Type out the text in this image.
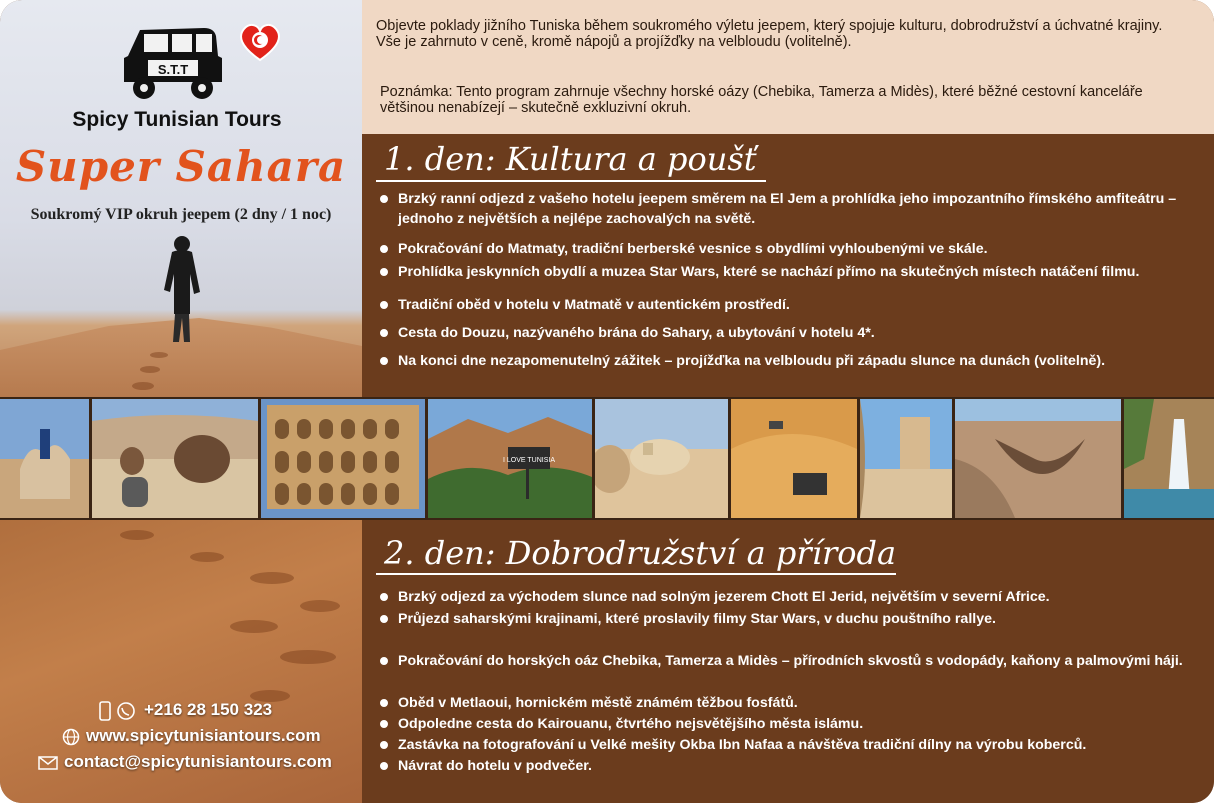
S.T.T
Spicy Tunisian Tours
Super Sahara
Soukromý VIP okruh jeepem (2 dny / 1 noc)
Objevte poklady jižního Tuniska během soukromého výletu jeepem, který spojuje kulturu, dobrodružství a úchvatné krajiny.
Vše je zahrnuto v ceně, kromě nápojů a projížďky na velbloudu (volitelně).
Poznámka: Tento program zahrnuje všechny horské oázy (Chebika, Tamerza a Midès), které běžné cestovní kanceláře většinou nenabízejí – skutečně exkluzivní okruh.
1. den: Kultura a poušť
Brzký ranní odjezd z vašeho hotelu jeepem směrem na El Jem a prohlídka jeho impozantního římského amfiteátru – jednoho z největších a nejlépe zachovalých na světě.
Pokračování do Matmaty, tradiční berberské vesnice s obydlími vyhloubenými ve skále.
Prohlídka jeskynních obydlí a muzea Star Wars, které se nachází přímo na skutečných místech natáčení filmu.
Tradiční oběd v hotelu v Matmatě v autentickém prostředí.
Cesta do Douzu, nazývaného brána do Sahary, a ubytování v hotelu 4*.
Na konci dne nezapomenutelný zážitek – projížďka na velbloudu při západu slunce na dunách (volitelně).
I LOVE TUNISIA
2. den: Dobrodružství a příroda
Brzký odjezd za východem slunce nad solným jezerem Chott El Jerid, největším v severní Africe.
Průjezd saharskými krajinami, které proslavily filmy Star Wars, v duchu pouštního rallye.
Pokračování do horských oáz Chebika, Tamerza a Midès – přírodních skvostů s vodopády, kaňony a palmovými háji.
Oběd v Metlaoui, hornickém městě známém těžbou fosfátů.
Odpoledne cesta do Kairouanu, čtvrtého nejsvětějšího města islámu.
Zastávka na fotografování u Velké mešity Okba Ibn Nafaa a návštěva tradiční dílny na výrobu koberců.
Návrat do hotelu v podvečer.
+216 28 150 323
www.spicytunisiantours.com
contact@spicytunisiantours.com
